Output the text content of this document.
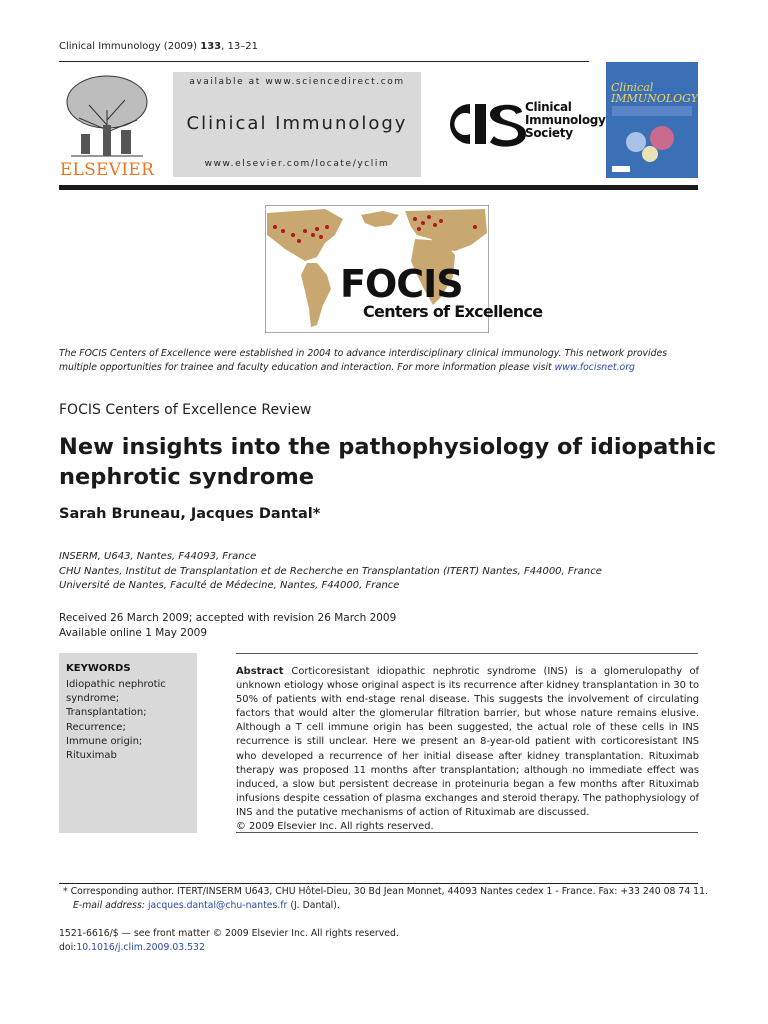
Clinical Immunology (2009) 133, 13–21
ELSEVIER
available at www.sciencedirect.com
Clinical Immunology
www.elsevier.com/locate/yclim
Clinical
Immunology
Society
Clinical IMMUNOLOGY
FOCIS
Centers of Excellence
The FOCIS Centers of Excellence were established in 2004 to advance interdisciplinary clinical immunology. This network provides multiple opportunities for trainee and faculty education and interaction. For more information please visit www.focisnet.org
FOCIS Centers of Excellence Review
New insights into the pathophysiology of idiopathic nephrotic syndrome
Sarah Bruneau, Jacques Dantal*
INSERM, U643, Nantes, F44093, France
CHU Nantes, Institut de Transplantation et de Recherche en Transplantation (ITERT) Nantes, F44000, France
Université de Nantes, Faculté de Médecine, Nantes, F44000, France
Received 26 March 2009; accepted with revision 26 March 2009
Available online 1 May 2009
KEYWORDS
Idiopathic nephrotic
syndrome;
Transplantation;
Recurrence;
Immune origin;
Rituximab
Abstract Corticoresistant idiopathic nephrotic syndrome (INS) is a glomerulopathy of unknown etiology whose original aspect is its recurrence after kidney transplantation in 30 to 50% of patients with end-stage renal disease. This suggests the involvement of circulating factors that would alter the glomerular filtration barrier, but whose nature remains elusive. Although a T cell immune origin has been suggested, the actual role of these cells in INS recurrence is still unclear. Here we present an 8-year-old patient with corticoresistant INS who developed a recurrence of her initial disease after kidney transplantation. Rituximab therapy was proposed 11 months after transplantation; although no immediate effect was induced, a slow but persistent decrease in proteinuria began a few months after Rituximab infusions despite cessation of plasma exchanges and steroid therapy. The pathophysiology of INS and the putative mechanisms of action of Rituximab are discussed.
© 2009 Elsevier Inc. All rights reserved.
* Corresponding author. ITERT/INSERM U643, CHU Hôtel-Dieu, 30 Bd Jean Monnet, 44093 Nantes cedex 1 - France. Fax: +33 240 08 74 11.
E-mail address: jacques.dantal@chu-nantes.fr (J. Dantal).
1521-6616/$ — see front matter © 2009 Elsevier Inc. All rights reserved.
doi:10.1016/j.clim.2009.03.532
